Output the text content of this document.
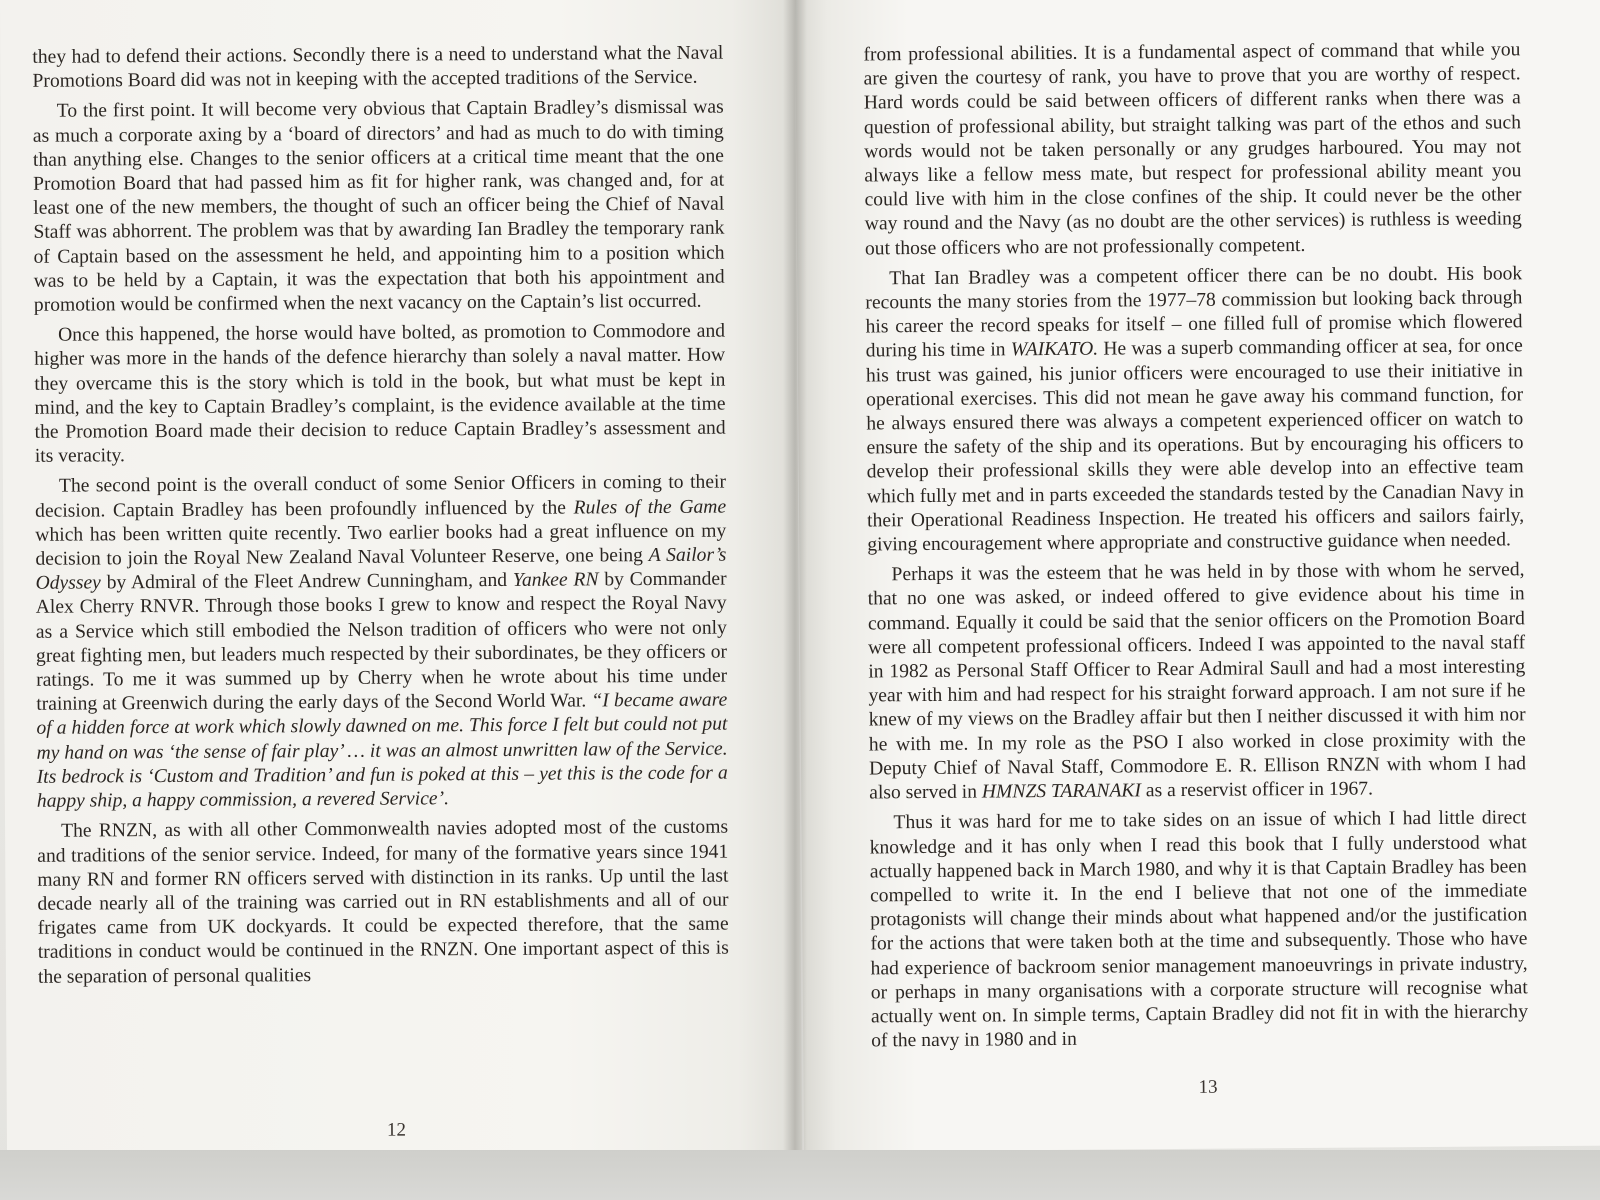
they had to defend their actions. Secondly there is a need to understand what the Naval Promotions Board did was not in keeping with the accepted traditions of the Service.

To the first point. It will become very obvious that Captain Bradley’s dismissal was as much a corporate axing by a ‘board of directors’ and had as much to do with timing than anything else. Changes to the senior officers at a critical time meant that the one Promotion Board that had passed him as fit for higher rank, was changed and, for at least one of the new members, the thought of such an officer being the Chief of Naval Staff was abhorrent. The problem was that by awarding Ian Bradley the temporary rank of Captain based on the assessment he held, and appointing him to a position which was to be held by a Captain, it was the expectation that both his appointment and promotion would be confirmed when the next vacancy on the Captain’s list occurred.

Once this happened, the horse would have bolted, as promotion to Commodore and higher was more in the hands of the defence hierarchy than solely a naval matter. How they overcame this is the story which is told in the book, but what must be kept in mind, and the key to Captain Bradley’s complaint, is the evidence available at the time the Promotion Board made their decision to reduce Captain Bradley’s assessment and its veracity.

The second point is the overall conduct of some Senior Officers in coming to their decision. Captain Bradley has been profoundly influenced by the Rules of the Game which has been written quite recently. Two earlier books had a great influence on my decision to join the Royal New Zealand Naval Volunteer Reserve, one being A Sailor’s Odyssey by Admiral of the Fleet Andrew Cunningham, and Yankee RN by Commander Alex Cherry RNVR. Through those books I grew to know and respect the Royal Navy as a Service which still embodied the Nelson tradition of officers who were not only great fighting men, but leaders much respected by their subordinates, be they officers or ratings. To me it was summed up by Cherry when he wrote about his time under training at Greenwich during the early days of the Second World War. “I became aware of a hidden force at work which slowly dawned on me. This force I felt but could not put my hand on was ‘the sense of fair play’ … it was an almost unwritten law of the Service. Its bedrock is ‘Custom and Tradition’ and fun is poked at this – yet this is the code for a happy ship, a happy commission, a revered Service’.

The RNZN, as with all other Commonwealth navies adopted most of the customs and traditions of the senior service. Indeed, for many of the formative years since 1941 many RN and former RN officers served with distinction in its ranks. Up until the last decade nearly all of the training was carried out in RN establishments and all of our frigates came from UK dockyards. It could be expected therefore, that the same traditions in conduct would be continued in the RNZN. One important aspect of this is the separation of personal qualities

12

from professional abilities. It is a fundamental aspect of command that while you are given the courtesy of rank, you have to prove that you are worthy of respect. Hard words could be said between officers of different ranks when there was a question of professional ability, but straight talking was part of the ethos and such words would not be taken personally or any grudges harboured. You may not always like a fellow mess mate, but respect for professional ability meant you could live with him in the close confines of the ship. It could never be the other way round and the Navy (as no doubt are the other services) is ruthless is weeding out those officers who are not professionally competent.

That Ian Bradley was a competent officer there can be no doubt. His book recounts the many stories from the 1977–78 commission but looking back through his career the record speaks for itself – one filled full of promise which flowered during his time in WAIKATO. He was a superb commanding officer at sea, for once his trust was gained, his junior officers were encouraged to use their initiative in operational exercises. This did not mean he gave away his command function, for he always ensured there was always a competent experienced officer on watch to ensure the safety of the ship and its operations. But by encouraging his officers to develop their professional skills they were able develop into an effective team which fully met and in parts exceeded the standards tested by the Canadian Navy in their Operational Readiness Inspection. He treated his officers and sailors fairly, giving encouragement where appropriate and constructive guidance when needed.

Perhaps it was the esteem that he was held in by those with whom he served, that no one was asked, or indeed offered to give evidence about his time in command. Equally it could be said that the senior officers on the Promotion Board were all competent professional officers. Indeed I was appointed to the naval staff in 1982 as Personal Staff Officer to Rear Admiral Saull and had a most interesting year with him and had respect for his straight forward approach. I am not sure if he knew of my views on the Bradley affair but then I neither discussed it with him nor he with me. In my role as the PSO I also worked in close proximity with the Deputy Chief of Naval Staff, Commodore E. R. Ellison RNZN with whom I had also served in HMNZS TARANAKI as a reservist officer in 1967.

Thus it was hard for me to take sides on an issue of which I had little direct knowledge and it has only when I read this book that I fully understood what actually happened back in March 1980, and why it is that Captain Bradley has been compelled to write it. In the end I believe that not one of the immediate protagonists will change their minds about what happened and/or the justification for the actions that were taken both at the time and subsequently. Those who have had experience of backroom senior management manoeuvrings in private industry, or perhaps in many organisations with a corporate structure will recognise what actually went on. In simple terms, Captain Bradley did not fit in with the hierarchy of the navy in 1980 and in

13
